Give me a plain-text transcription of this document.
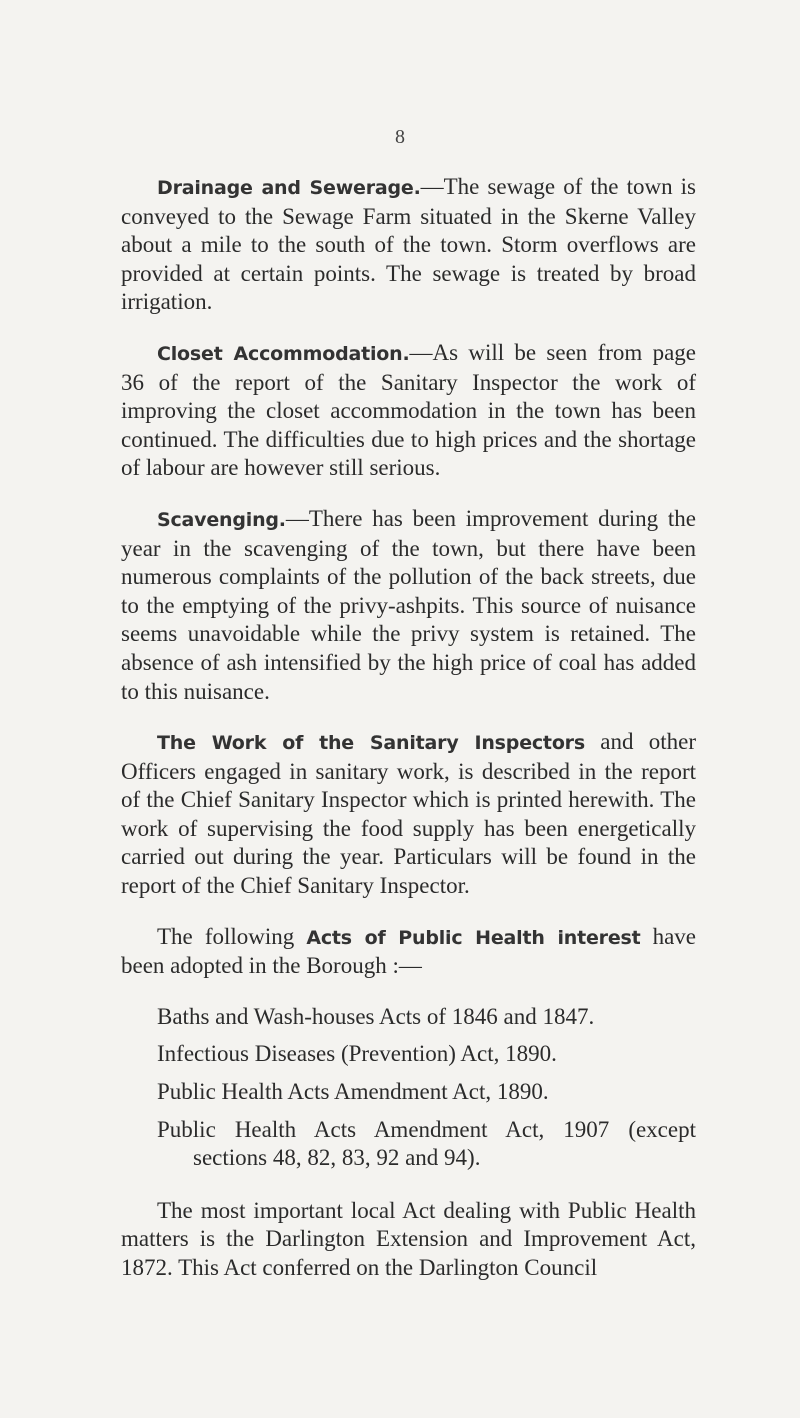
8

Drainage and Sewerage.—The sewage of the town is conveyed to the Sewage Farm situated in the Skerne Valley about a mile to the south of the town. Storm overflows are provided at certain points. The sewage is treated by broad irrigation.

Closet Accommodation.—As will be seen from page 36 of the report of the Sanitary Inspector the work of improving the closet accommodation in the town has been continued. The difficulties due to high prices and the shortage of labour are however still serious.

Scavenging.—There has been improvement during the year in the scavenging of the town, but there have been numerous complaints of the pollution of the back streets, due to the emptying of the privy-ashpits. This source of nuisance seems unavoidable while the privy system is retained. The absence of ash intensified by the high price of coal has added to this nuisance.

The Work of the Sanitary Inspectors and other Officers engaged in sanitary work, is described in the report of the Chief Sanitary Inspector which is printed herewith. The work of supervising the food supply has been energetically carried out during the year. Particulars will be found in the report of the Chief Sanitary Inspector.

The following Acts of Public Health interest have been adopted in the Borough :—

Baths and Wash-houses Acts of 1846 and 1847.

Infectious Diseases (Prevention) Act, 1890.

Public Health Acts Amendment Act, 1890.

Public Health Acts Amendment Act, 1907 (except sections 48, 82, 83, 92 and 94).

The most important local Act dealing with Public Health matters is the Darlington Extension and Improvement Act, 1872. This Act conferred on the Darlington Council
